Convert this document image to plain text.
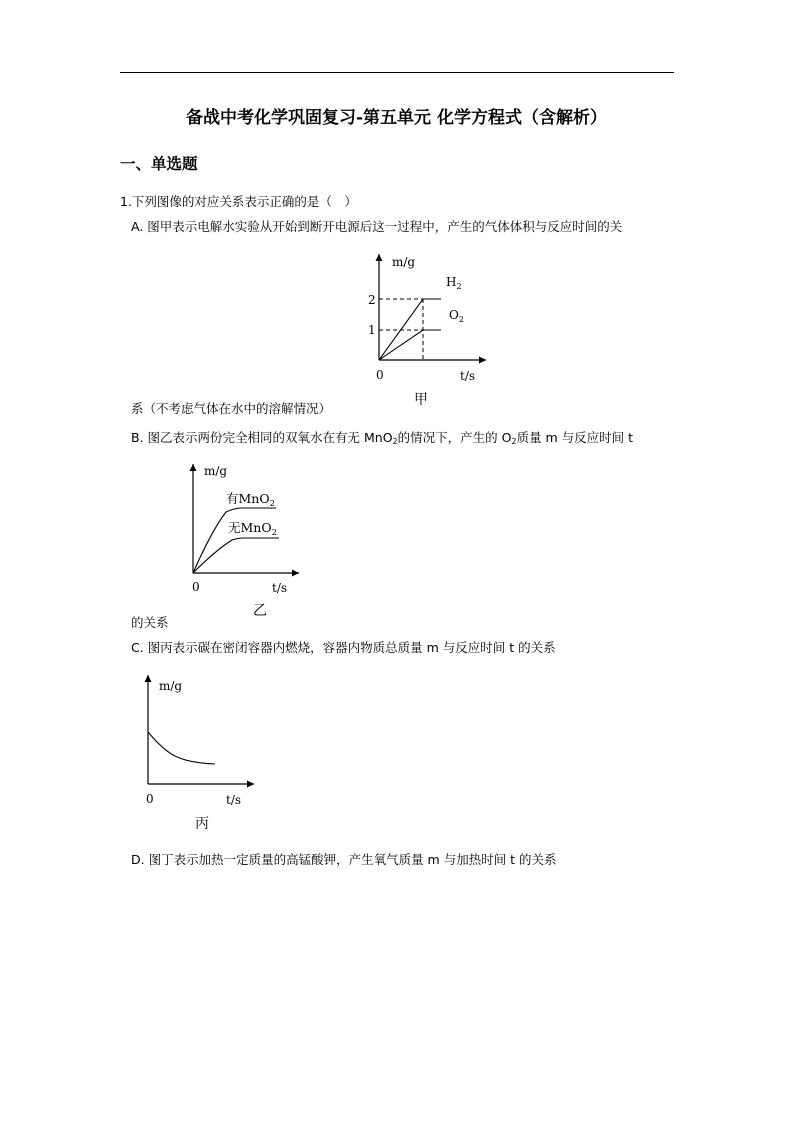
备战中考化学巩固复习-第五单元 化学方程式（含解析）
一、单选题
1.下列图像的对应关系表示正确的是（　）
A. 图甲表示电解水实验从开始到断开电源后这一过程中，产生的气体体积与反应时间的关
m/g
2
1
$H_2$
$O_2$
0	t/s
甲
系（不考虑气体在水中的溶解情况）
B. 图乙表示两份完全相同的双氧水在有无 MnO$_2$的情况下，产生的 $O_2$质量 m 与反应时间 t
m/g
有MnO$_2$
无MnO$_2$
0	t/s
乙
的关系
C. 图丙表示碳在密闭容器内燃烧，容器内物质总质量 m 与反应时间 t 的关系
m/g
0	t/s
丙
D. 图丁表示加热一定质量的高锰酸钾，产生氧气质量 m 与加热时间 t 的关系
